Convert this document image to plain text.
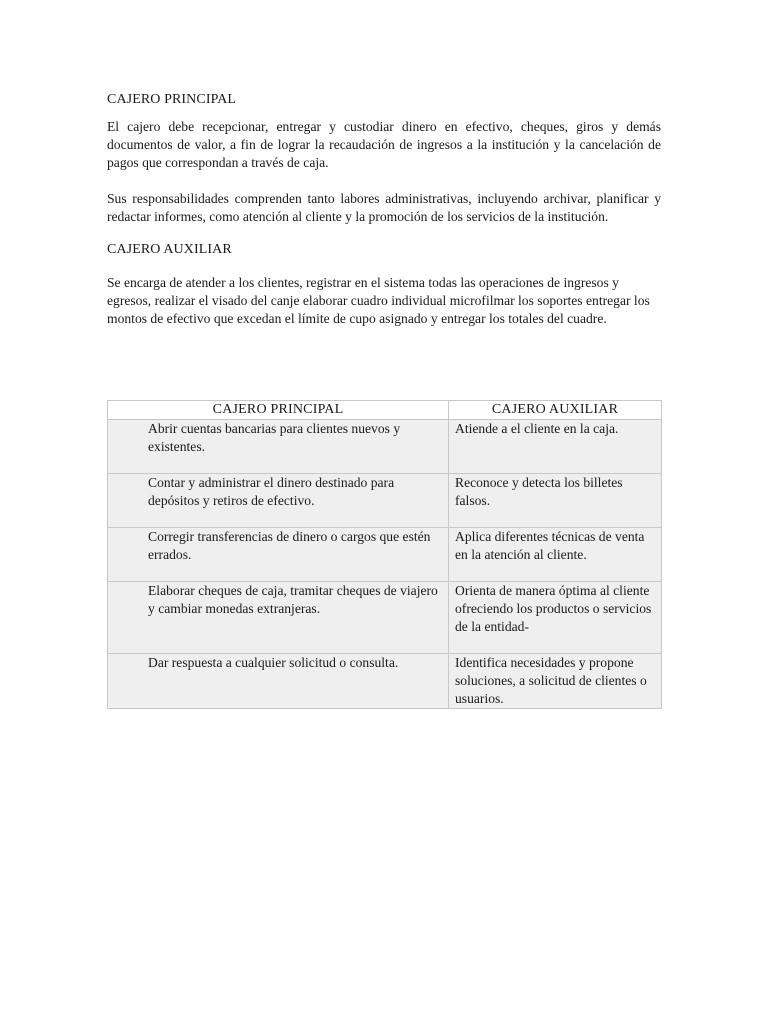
CAJERO PRINCIPAL

El cajero debe recepcionar, entregar y custodiar dinero en efectivo, cheques, giros y demás documentos de valor, a fin de lograr la recaudación de ingresos a la institución y la cancelación de pagos que correspondan a través de caja.

Sus responsabilidades comprenden tanto labores administrativas, incluyendo archivar, planificar y redactar informes, como atención al cliente y la promoción de los servicios de la institución.

CAJERO AUXILIAR

Se encarga de atender a los clientes, registrar en el sistema todas las operaciones de ingresos y egresos, realizar el visado del canje elaborar cuadro individual microfilmar los soportes entregar los montos de efectivo que excedan el límite de cupo asignado y entregar los totales del cuadre.

CAJERO PRINCIPAL	CAJERO AUXILIAR
Abrir cuentas bancarias para clientes nuevos y existentes.	Atiende a el cliente en la caja.
Contar y administrar el dinero destinado para depósitos y retiros de efectivo.	Reconoce y detecta los billetes falsos.
Corregir transferencias de dinero o cargos que estén errados.	Aplica diferentes técnicas de venta en la atención al cliente.
Elaborar cheques de caja, tramitar cheques de viajero y cambiar monedas extranjeras.	Orienta de manera óptima al cliente ofreciendo los productos o servicios de la entidad-
Dar respuesta a cualquier solicitud o consulta.	Identifica necesidades y propone soluciones, a solicitud de clientes o usuarios.
